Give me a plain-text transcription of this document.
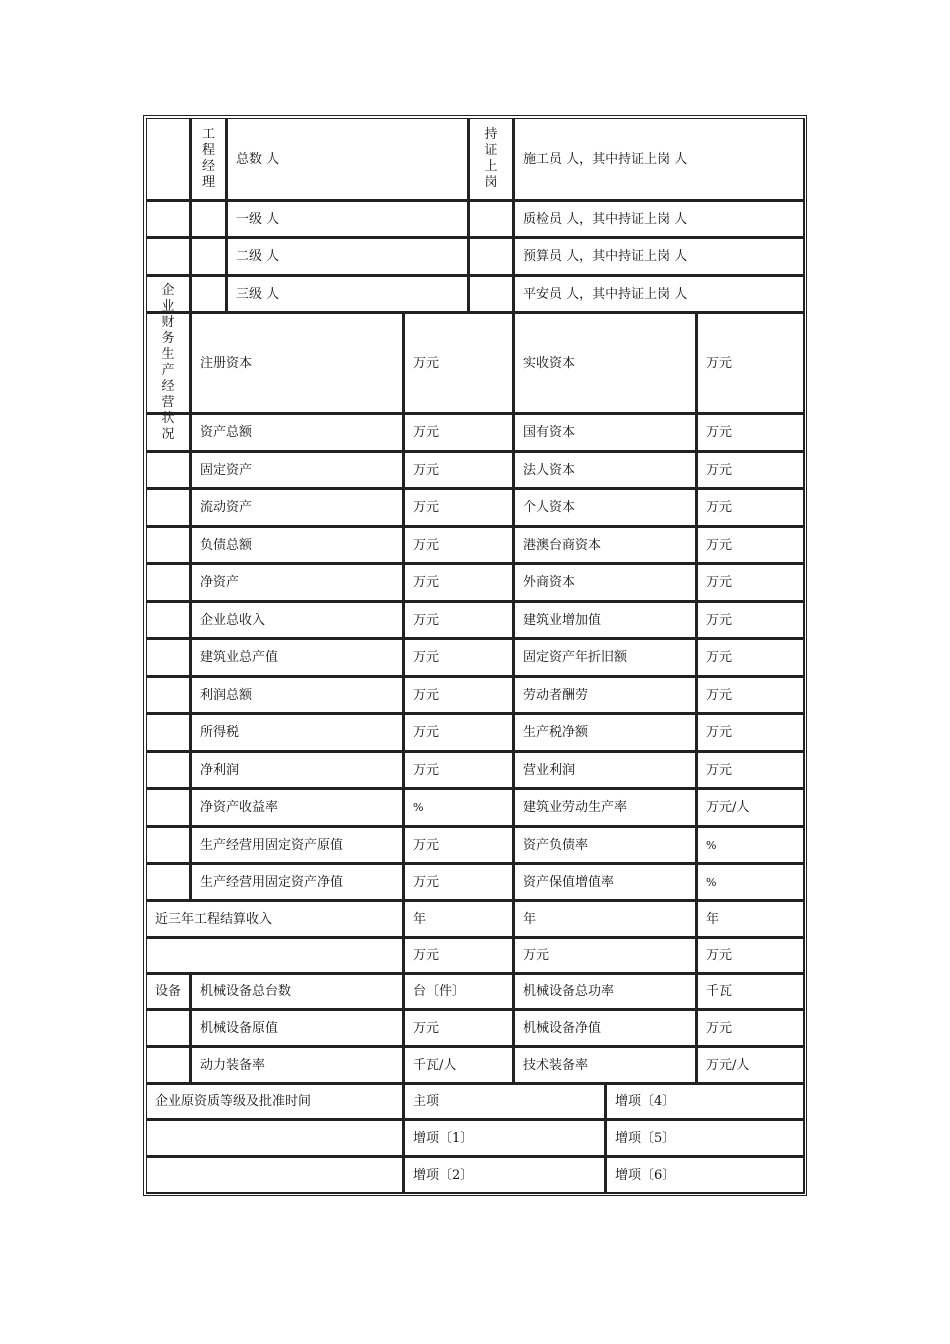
工程经理
持证上岗
总数 人	施工员 人，其中持证上岗 人
一级 人	质检员 人，其中持证上岗 人
二级 人	预算员 人，其中持证上岗 人
三级 人	平安员 人，其中持证上岗 人
企业财务生产经营状况
注册资本	万元	实收资本	万元
资产总额	万元	国有资本	万元
固定资产	万元	法人资本	万元
流动资产	万元	个人资本	万元
负债总额	万元	港澳台商资本	万元
净资产	万元	外商资本	万元
企业总收入	万元	建筑业增加值	万元
建筑业总产值	万元	固定资产年折旧额	万元
利润总额	万元	劳动者酬劳	万元
所得税	万元	生产税净额	万元
净利润	万元	营业利润	万元
净资产收益率	%	建筑业劳动生产率	万元/人
生产经营用固定资产原值	万元	资产负债率	%
生产经营用固定资产净值	万元	资产保值增值率	%
近三年工程结算收入	年	年	年
万元	万元	万元
设备	机械设备总台数	台〔件〕	机械设备总功率	千瓦
机械设备原值	万元	机械设备净值	万元
动力装备率	千瓦/人	技术装备率	万元/人
企业原资质等级及批准时间	主项	增项〔4〕
增项〔1〕	增项〔5〕
增项〔2〕	增项〔6〕
